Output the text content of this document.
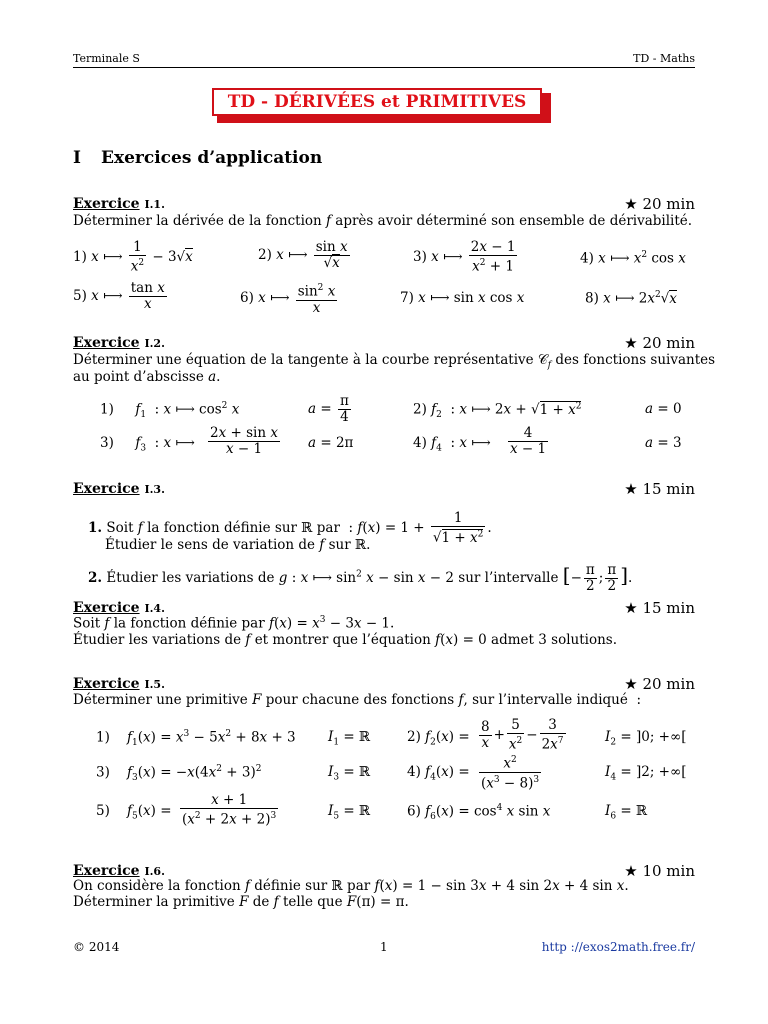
Terminale S	TD - Maths
TD - DÉRIVÉES et PRIMITIVES
I Exercices d’application
Exercice I.1.	★ 20 min
Déterminer la dérivée de la fonction f après avoir déterminé son ensemble de dérivabilité.
1) x ⟼ $\frac{1}{x^2} - 3√x$	2) x ⟼ $\frac{\text{sin x}}{√x}$	3) x ⟼ $\frac{2x - 1}{x^2 + 1}$	4) x ⟼ $x^2$ cos x
5) x ⟼ $\frac{\text{tan x}}{x}$	6) x ⟼ $\frac{\sin^2 x}{x}$	7) x ⟼ sin x cos x	8) x ⟼ $2x^2√x$
Exercice I.2.	★ 20 min
Déterminer une équation de la tangente à la courbe représentative 𝒞$_f$ des fonctions suivantes
au point d’abscisse a.
1)     $f_1$  : x ⟼ $\cos^2 x$	$a = \frac{\pi}{4}$	2) $f_2$  : x ⟼ $2x + √1 + x^2$	a = 0
3)     $f_3$  : x ⟼ $\frac{\text{2x + sin x}}{x - 1}$ a = 2π	4) $f_4$  : x ⟼ $\frac{4}{x - 1}$	a = 3
Exercice I.3.	★ 15 min
1. Soit f la fonction définie sur ℝ par  : $f(x) = 1 + \frac{1}{√1 + x^2}$ .
Étudier le sens de variation de f sur ℝ.
2. Étudier les variations de g : x ⟼ $\sin^2 x - \sin x - 2$ sur l’intervalle [− $\frac{\pi}{2}$ ; $\frac{\pi}{2}$ ].
Exercice I.4.	★ 15 min
Soit f la fonction définie par $f(x) = x^3 - 3x - 1$.
Étudier les variations de f et montrer que l’équation f(x) = 0 admet 3 solutions.
Exercice I.5.	★ 20 min
Déterminer une primitive F pour chacune des fonctions f, sur l’intervalle indiqué  :
1)    $f_1(x) = x^3 - 5x^2 + 8x + 3$ $I_1$ = ℝ	2) $f_2(x) = \frac{8}{x} + \frac{5}{x^2} - \frac{3}{2x^7}$	$I_2 = ]0$; +∞[
3)    $f_3(x) = -x(4x^2 + 3)^2$	$I_3$ = ℝ	4) $f_4(x) = \frac{x^2}{(x^3 - 8)^3}$	$I_4 = ]2$; +∞[
5)    $f_5(x) = \frac{x + 1}{(x^2 + 2x + 2)^3}$	$I_5$ = ℝ	6) $f_6(x) = \cos^4 x$ sin x	$I_6$ = ℝ
Exercice I.6.	★ 10 min
On considère la fonction f définie sur ℝ par f(x) = 1 − sin 3x + 4 sin 2x + 4 sin x.
Déterminer la primitive F de f telle que F(π) = π.
© 2014	1	http ://exos2math.free.fr/
